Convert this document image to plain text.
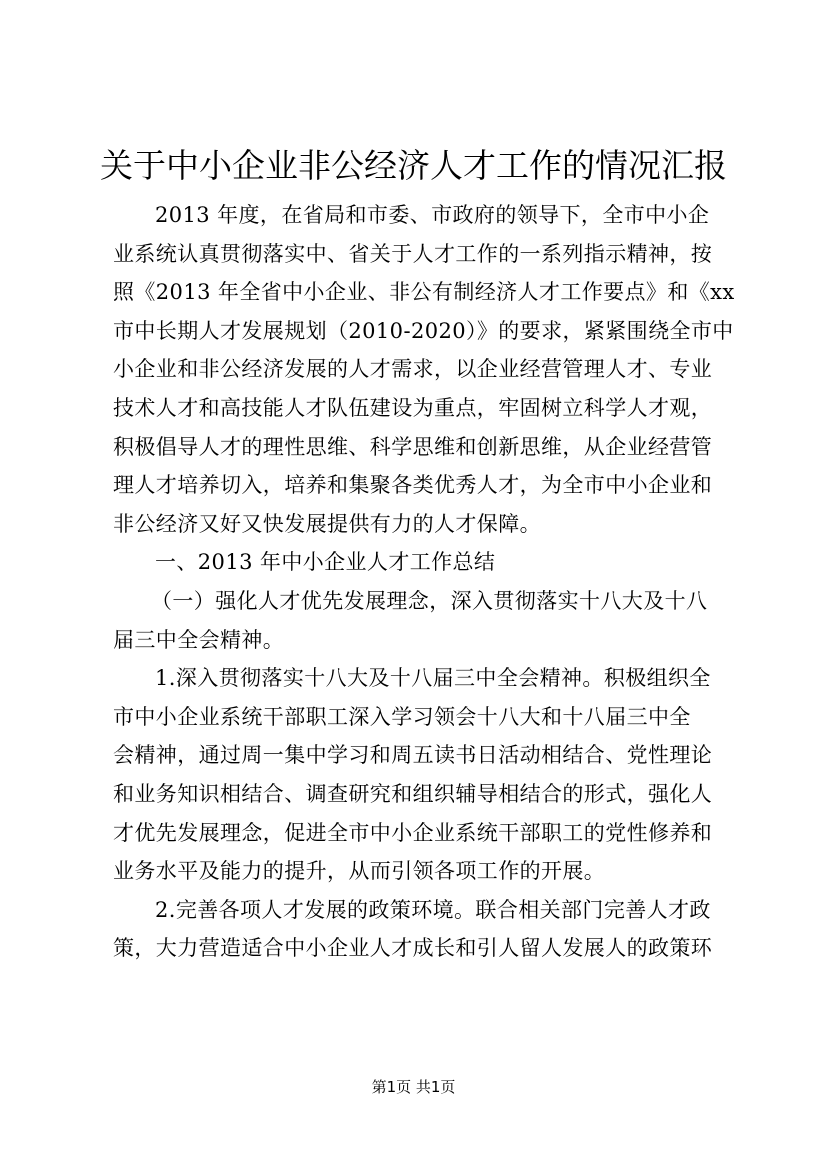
关于中小企业非公经济人才工作的情况汇报
2013 年度，在省局和市委、市政府的领导下，全市中小企
业系统认真贯彻落实中、省关于人才工作的一系列指示精神，按
照《2013 年全省中小企业、非公有制经济人才工作要点》和《xx
市中长期人才发展规划（2010-2020）》的要求，紧紧围绕全市中
小企业和非公经济发展的人才需求，以企业经营管理人才、专业
技术人才和高技能人才队伍建设为重点，牢固树立科学人才观，
积极倡导人才的理性思维、科学思维和创新思维，从企业经营管
理人才培养切入，培养和集聚各类优秀人才，为全市中小企业和
非公经济又好又快发展提供有力的人才保障。
一、2013 年中小企业人才工作总结
（一）强化人才优先发展理念，深入贯彻落实十八大及十八
届三中全会精神。
1.深入贯彻落实十八大及十八届三中全会精神。积极组织全
市中小企业系统干部职工深入学习领会十八大和十八届三中全
会精神，通过周一集中学习和周五读书日活动相结合、党性理论
和业务知识相结合、调查研究和组织辅导相结合的形式，强化人
才优先发展理念，促进全市中小企业系统干部职工的党性修养和
业务水平及能力的提升，从而引领各项工作的开展。
2.完善各项人才发展的政策环境。联合相关部门完善人才政
策，大力营造适合中小企业人才成长和引人留人发展人的政策环
第1页 共1页
